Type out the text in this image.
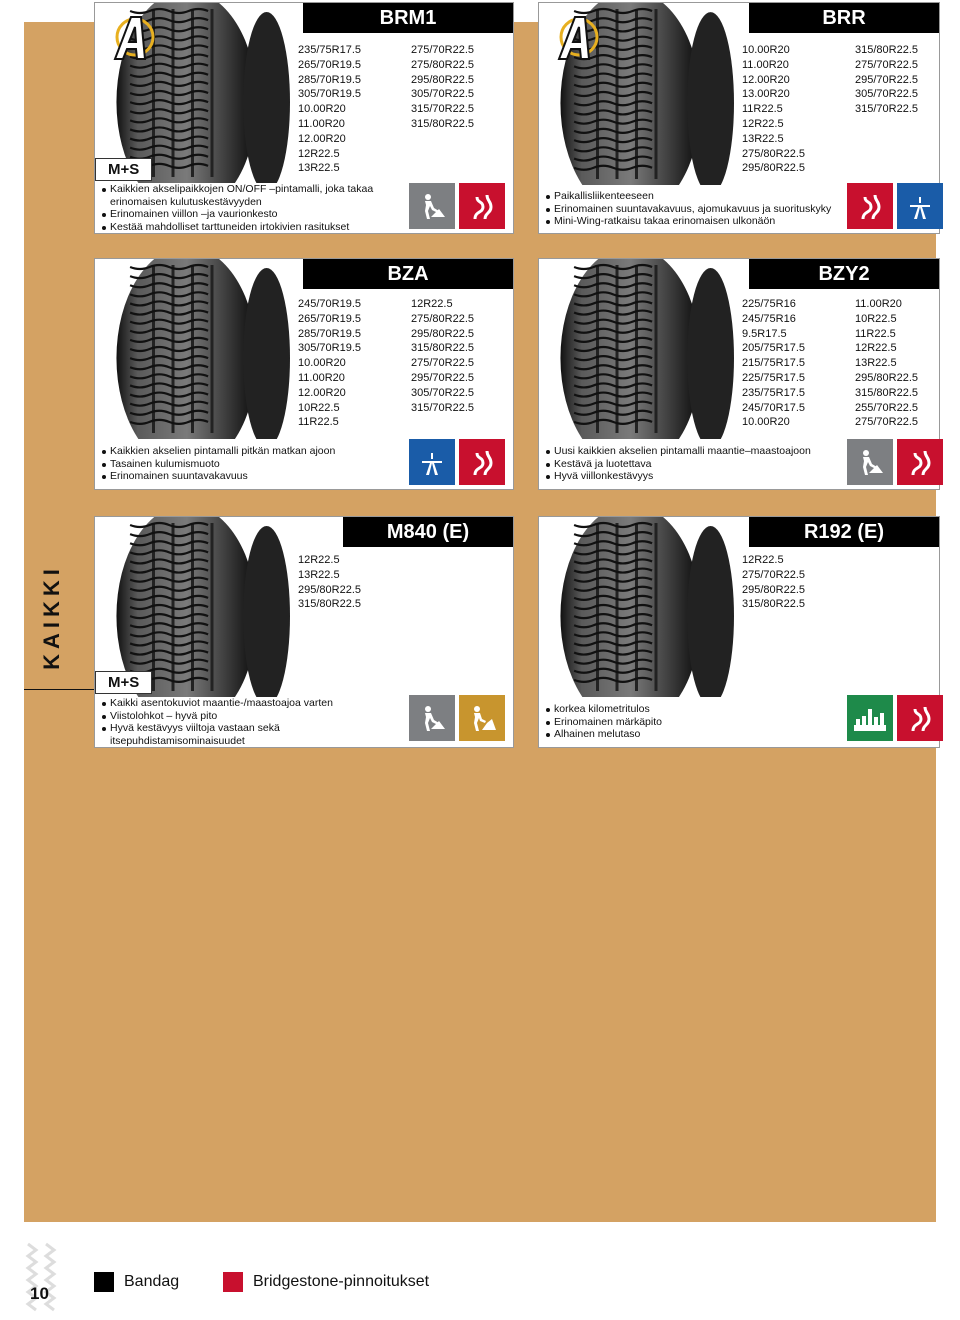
KAIKKI
BRM1
235/75R17.5
265/70R19.5
285/70R19.5
305/70R19.5
10.00R20
11.00R20
12.00R20
12R22.5
13R22.5
275/70R22.5
275/80R22.5
295/80R22.5
305/70R22.5
315/70R22.5
315/80R22.5
M+S
Kaikkien akselipaikkojen ON/OFF –pintamalli, joka takaa erinomaisen kulutuskestävyyden
Erinomainen viillon –ja vaurionkesto
Kestää mahdolliset tarttuneiden irtokivien rasitukset
BRR
10.00R20
11.00R20
12.00R20
13.00R20
11R22.5
12R22.5
13R22.5
275/80R22.5
295/80R22.5
315/80R22.5
275/70R22.5
295/70R22.5
305/70R22.5
315/70R22.5
Paikallisliikenteeseen
Erinomainen suuntavakavuus, ajomukavuus ja suorituskyky
Mini-Wing-ratkaisu takaa erinomaisen ulkonäön
BZA
245/70R19.5
265/70R19.5
285/70R19.5
305/70R19.5
10.00R20
11.00R20
12.00R20
10R22.5
11R22.5
12R22.5
275/80R22.5
295/80R22.5
315/80R22.5
275/70R22.5
295/70R22.5
305/70R22.5
315/70R22.5
Kaikkien akselien pintamalli pitkän matkan ajoon
Tasainen kulumismuoto
Erinomainen suuntavakavuus
BZY2
225/75R16
245/75R16
9.5R17.5
205/75R17.5
215/75R17.5
225/75R17.5
235/75R17.5
245/70R17.5
10.00R20
11.00R20
10R22.5
11R22.5
12R22.5
13R22.5
295/80R22.5
315/80R22.5
255/70R22.5
275/70R22.5
Uusi kaikkien akselien pintamalli maantie–maastoajoon
Kestävä ja luotettava
Hyvä viillonkestävyys
M840 (E)
12R22.5
13R22.5
295/80R22.5
315/80R22.5
M+S
Kaikki asentokuviot maantie-/maastoajoa varten
Viistolohkot – hyvä pito
Hyvä kestävyys viiltoja vastaan sekä itsepuhdistamisominaisuudet
R192 (E)
12R22.5
275/70R22.5
295/80R22.5
315/80R22.5
korkea kilometritulos
Erinomainen märkäpito
Alhainen melutaso
10
Bandag	Bridgestone-pinnoitukset
